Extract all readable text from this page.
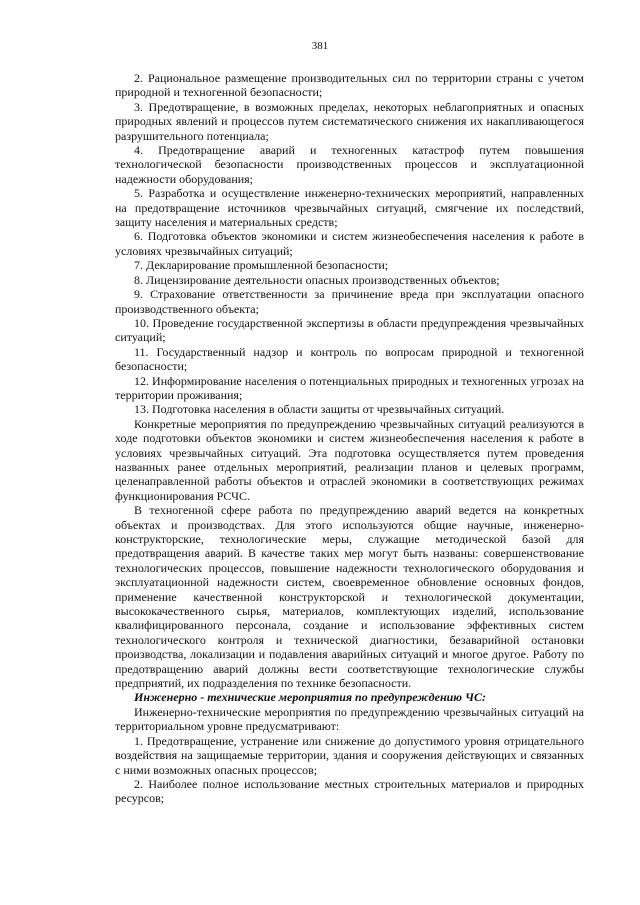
381

2. Рациональное размещение производительных сил по территории страны с учетом природной и техногенной безопасности;

3. Предотвращение, в возможных пределах, некоторых неблагоприятных и опасных природных явлений и процессов путем систематического снижения их накапливающегося разрушительного потенциала;

4. Предотвращение аварий и техногенных катастроф путем повышения технологической безопасности производственных процессов и эксплуатационной надежности оборудования;

5. Разработка и осуществление инженерно-технических мероприятий, направленных на предотвращение источников чрезвычайных ситуаций, смягчение их последствий, защиту населения и материальных средств;

6. Подготовка объектов экономики и систем жизнеобеспечения населения к работе в условиях чрезвычайных ситуаций;

7. Декларирование промышленной безопасности;

8. Лицензирование деятельности опасных производственных объектов;

9. Страхование ответственности за причинение вреда при эксплуатации опасного производственного объекта;

10. Проведение государственной экспертизы в области предупреждения чрезвычайных ситуаций;

11. Государственный надзор и контроль по вопросам природной и техногенной безопасности;

12. Информирование населения о потенциальных природных и техногенных угрозах на территории проживания;

13. Подготовка населения в области защиты от чрезвычайных ситуаций.

Конкретные мероприятия по предупреждению чрезвычайных ситуаций реализуются в ходе подготовки объектов экономики и систем жизнеобеспечения населения к работе в условиях чрезвычайных ситуаций. Эта подготовка осуществляется путем проведения названных ранее отдельных мероприятий, реализации планов и целевых программ, целенаправленной работы объектов и отраслей экономики в соответствующих режимах функционирования РСЧС.

В техногенной сфере работа по предупреждению аварий ведется на конкретных объектах и производствах. Для этого используются общие научные, инженерно-конструкторские, технологические меры, служащие методической базой для предотвращения аварий. В качестве таких мер могут быть названы: совершенствование технологических процессов, повышение надежности технологического оборудования и эксплуатационной надежности систем, своевременное обновление основных фондов, применение качественной конструкторской и технологической документации, высококачественного сырья, материалов, комплектующих изделий, использование квалифицированного персонала, создание и использование эффективных систем технологического контроля и технической диагностики, безаварийной остановки производства, локализации и подавления аварийных ситуаций и многое другое. Работу по предотвращению аварий должны вести соответствующие технологические службы предприятий, их подразделения по технике безопасности.

Инженерно - технические мероприятия по предупреждению ЧС:

Инженерно-технические мероприятия по предупреждению чрезвычайных ситуаций на территориальном уровне предусматривают:

1. Предотвращение, устранение или снижение до допустимого уровня отрицательного воздействия на защищаемые территории, здания и сооружения действующих и связанных с ними возможных опасных процессов;

2. Наиболее полное использование местных строительных материалов и природных ресурсов;
